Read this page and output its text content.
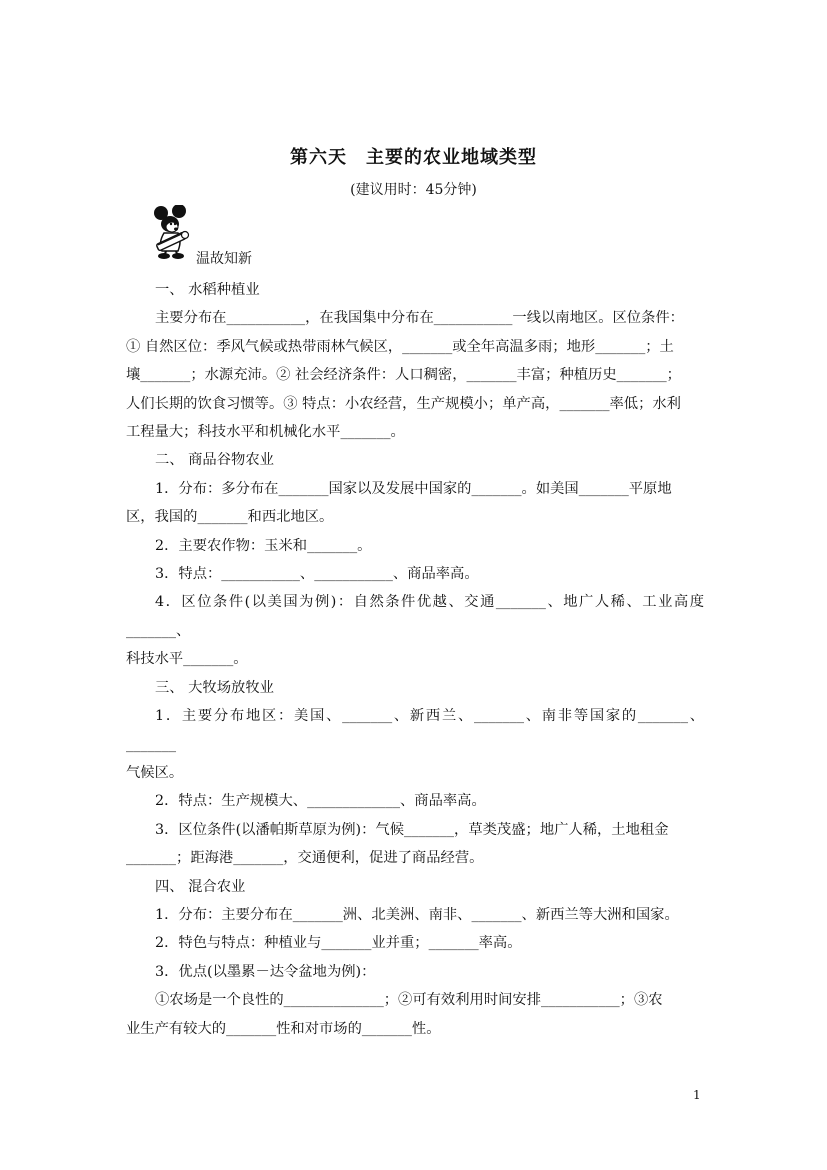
第六天　主要的农业地域类型
(建议用时：45分钟)
温故知新

一、 水稻种植业

主要分布在___________，在我国集中分布在___________一线以南地区。区位条件：

① 自然区位：季风气候或热带雨林气候区，_______或全年高温多雨；地形_______；土

壤_______；水源充沛。② 社会经济条件：人口稠密，_______丰富；种植历史_______；

人们长期的饮食习惯等。③ 特点：小农经营，生产规模小；单产高，_______率低；水利

工程量大；科技水平和机械化水平_______。

二、 商品谷物农业

1．分布：多分布在_______国家以及发展中国家的_______。如美国_______平原地

区，我国的_______和西北地区。

2．主要农作物：玉米和_______。

3．特点：___________、___________、商品率高。

4．区位条件(以美国为例)：自然条件优越、交通_______、地广人稀、工业高度_______、

科技水平_______。

三、 大牧场放牧业

1．主要分布地区：美国、_______、新西兰、_______、南非等国家的_______、_______

气候区。

2．特点：生产规模大、_____________、商品率高。

3．区位条件(以潘帕斯草原为例)：气候_______，草类茂盛；地广人稀，土地租金

_______；距海港_______，交通便利，促进了商品经营。

四、 混合农业

1．分布：主要分布在_______洲、北美洲、南非、_______、新西兰等大洲和国家。

2．特色与特点：种植业与_______业并重；_______率高。

3．优点(以墨累－达令盆地为例)：

①农场是一个良性的______________；②可有效利用时间安排___________；③农

业生产有较大的_______性和对市场的_______性。

1
